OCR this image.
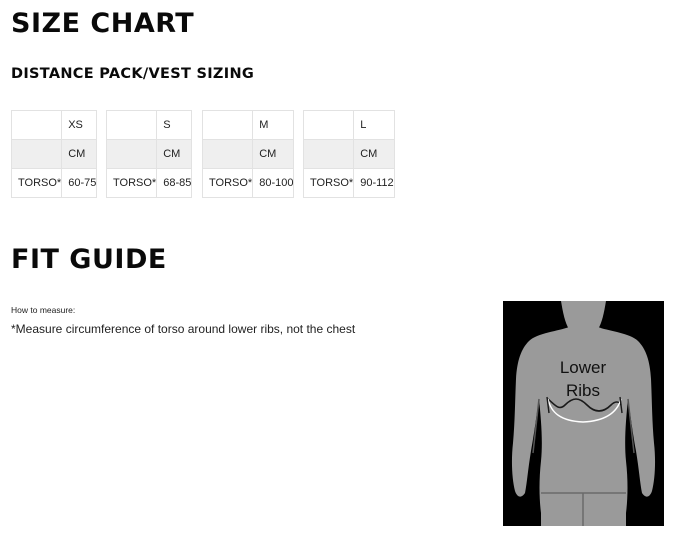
SIZE CHART
DISTANCE PACK/VEST SIZING
	XS
	CM
TORSO*	60-75
	S
	CM
TORSO*	68-85
	M
	CM
TORSO*	80-100
	L
	CM
TORSO*	90-112
FIT GUIDE

How to measure:

*Measure circumference of torso around lower ribs, not the chest

Lower
Ribs
